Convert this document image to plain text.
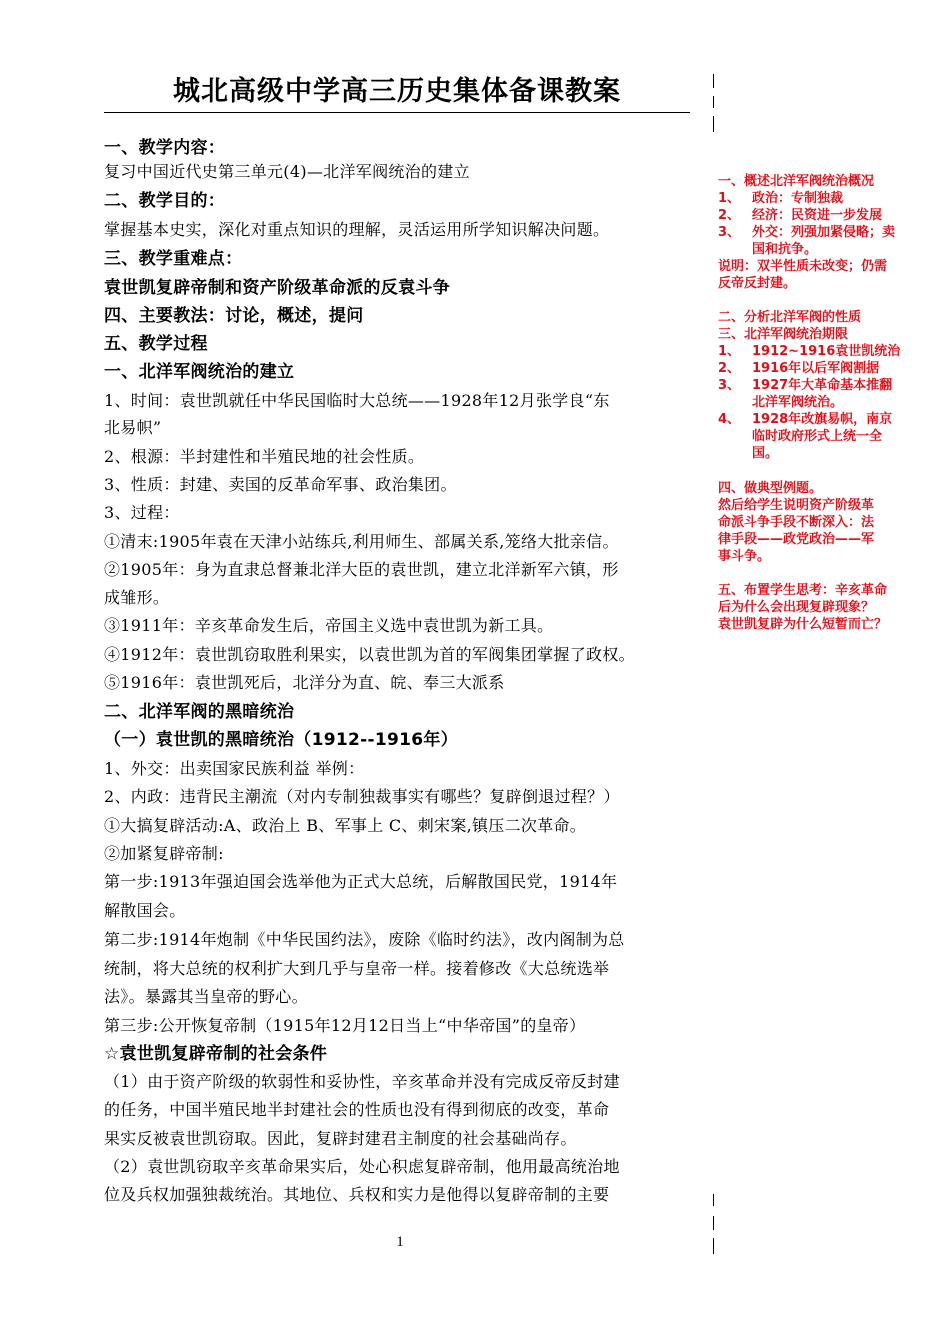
城北高级中学高三历史集体备课教案
一、教学内容：
复习中国近代史第三单元(4)—北洋军阀统治的建立
二、教学目的：
掌握基本史实，深化对重点知识的理解，灵活运用所学知识解决问题。
三、教学重难点：
袁世凯复辟帝制和资产阶级革命派的反袁斗争
四、主要教法：讨论，概述，提问
五、教学过程
一、北洋军阀统治的建立
1、时间：袁世凯就任中华民国临时大总统——1928年12月张学良“东
北易帜”
2、根源：半封建性和半殖民地的社会性质。
3、性质：封建、卖国的反革命军事、政治集团。
3、过程：
①清末:1905年袁在天津小站练兵,利用师生、部属关系,笼络大批亲信。
②1905年：身为直隶总督兼北洋大臣的袁世凯，建立北洋新军六镇，形
成雏形。
③1911年：辛亥革命发生后，帝国主义选中袁世凯为新工具。
④1912年：袁世凯窃取胜利果实，以袁世凯为首的军阀集团掌握了政权。
⑤1916年：袁世凯死后，北洋分为直、皖、奉三大派系
二、北洋军阀的黑暗统治
（一）袁世凯的黑暗统治（1912--1916年）
1、外交：出卖国家民族利益 举例：
2、内政：违背民主潮流（对内专制独裁事实有哪些？复辟倒退过程？）
①大搞复辟活动:A、政治上 B、军事上 C、刺宋案,镇压二次革命。
②加紧复辟帝制:
第一步:1913年强迫国会选举他为正式大总统，后解散国民党，1914年
解散国会。
第二步:1914年炮制《中华民国约法》，废除《临时约法》，改内阁制为总
统制，将大总统的权利扩大到几乎与皇帝一样。接着修改《大总统选举
法》。暴露其当皇帝的野心。
第三步:公开恢复帝制（1915年12月12日当上“中华帝国”的皇帝）
☆袁世凯复辟帝制的社会条件
（1）由于资产阶级的软弱性和妥协性，辛亥革命并没有完成反帝反封建
的任务，中国半殖民地半封建社会的性质也没有得到彻底的改变，革命
果实反被袁世凯窃取。因此，复辟封建君主制度的社会基础尚存。
（2）袁世凯窃取辛亥革命果实后，处心积虑复辟帝制，他用最高统治地
位及兵权加强独裁统治。其地位、兵权和实力是他得以复辟帝制的主要
一、概述北洋军阀统治概况
1、 政治：专制独裁
2、 经济：民资进一步发展
3、 外交：列强加紧侵略；卖
国和抗争。
说明：双半性质未改变；仍需
反帝反封建。
二、分析北洋军阀的性质
三、北洋军阀统治期限
1、 1912~1916袁世凯统治
2、 1916年以后军阀割据
3、 1927年大革命基本推翻
北洋军阀统治。
4、 1928年改旗易帜，南京
临时政府形式上统一全
国。
四、做典型例题。
然后给学生说明资产阶级革
命派斗争手段不断深入：法
律手段——政党政治——军
事斗争。
五、布置学生思考：辛亥革命
后为什么会出现复辟现象？
袁世凯复辟为什么短暂而亡？
1
